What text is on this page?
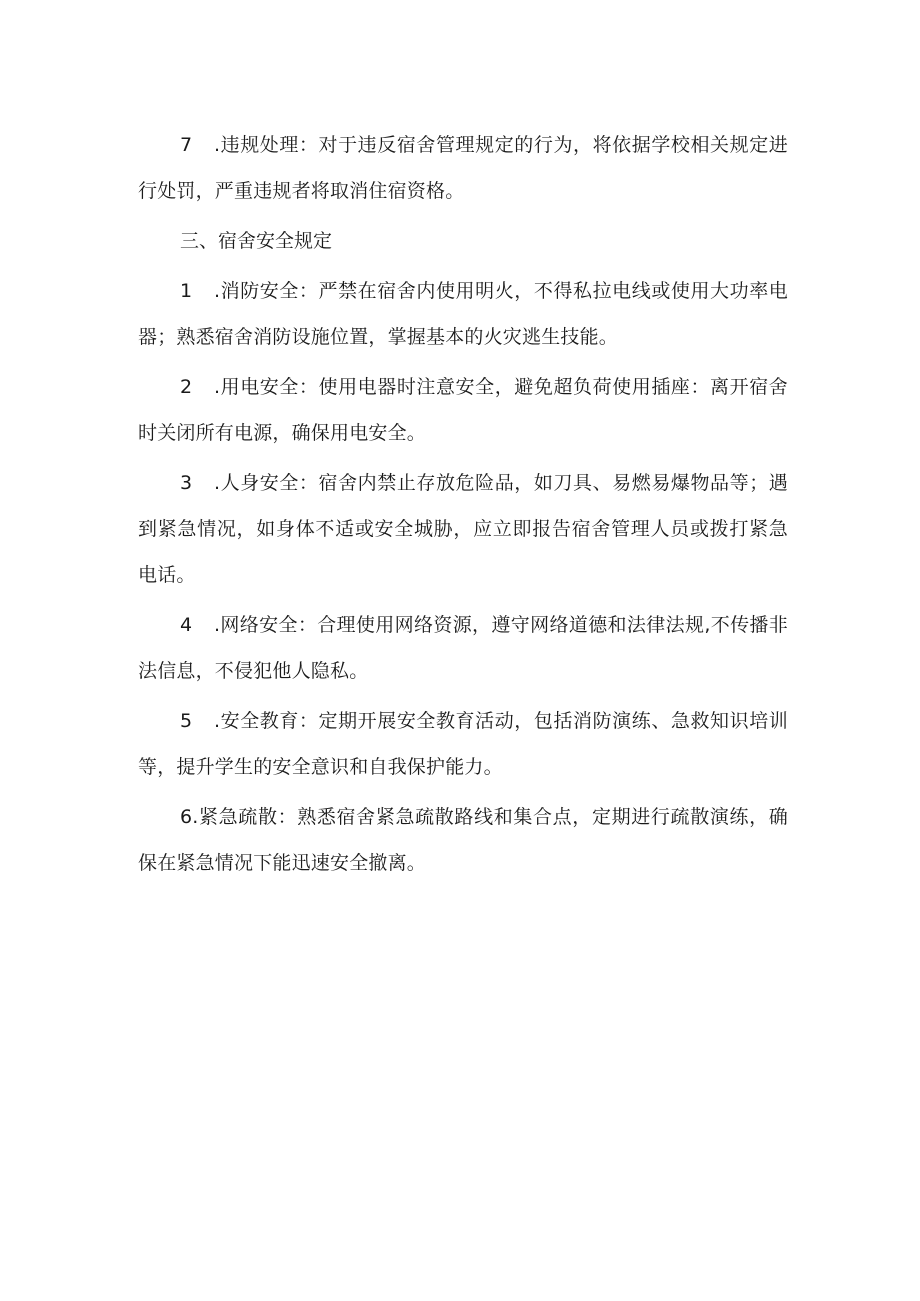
7 .违规处理：对于违反宿舍管理规定的行为，将依据学校相关规定进行处罚，严重违规者将取消住宿资格。

三、宿舍安全规定

1 .消防安全：严禁在宿舍内使用明火，不得私拉电线或使用大功率电器；熟悉宿舍消防设施位置，掌握基本的火灾逃生技能。

2 .用电安全：使用电器时注意安全，避免超负荷使用插座：离开宿舍时关闭所有电源，确保用电安全。

3 .人身安全：宿舍内禁止存放危险品，如刀具、易燃易爆物品等；遇到紧急情况，如身体不适或安全城胁，应立即报告宿舍管理人员或拨打紧急电话。

4 .网络安全：合理使用网络资源，遵守网络道德和法律法规,不传播非法信息，不侵犯他人隐私。

5 .安全教育：定期开展安全教育活动，包括消防演练、急救知识培训等，提升学生的安全意识和自我保护能力。

6.紧急疏散：熟悉宿舍紧急疏散路线和集合点，定期进行疏散演练，确保在紧急情况下能迅速安全撤离。
